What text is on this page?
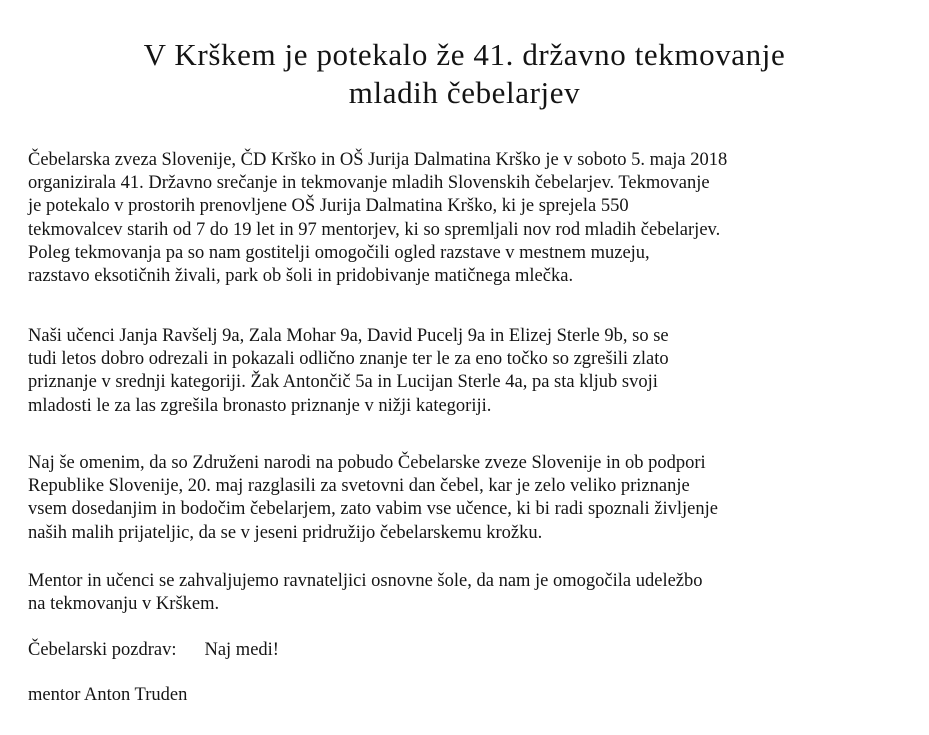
V Krškem je potekalo že 41. državno tekmovanje
mladih čebelarjev

Čebelarska zveza Slovenije, ČD Krško in OŠ Jurija Dalmatina Krško je v soboto 5. maja 2018
organizirala 41. Državno srečanje in tekmovanje mladih Slovenskih čebelarjev. Tekmovanje
je potekalo v prostorih prenovljene OŠ Jurija Dalmatina Krško, ki je sprejela 550
tekmovalcev starih od 7 do 19 let in 97 mentorjev, ki so spremljali nov rod mladih čebelarjev.
Poleg tekmovanja pa so nam gostitelji omogočili ogled razstave v mestnem muzeju,
razstavo eksotičnih živali, park ob šoli in pridobivanje matičnega mlečka.

Naši učenci Janja Ravšelj 9a, Zala Mohar 9a, David Pucelj 9a in Elizej Sterle 9b, so se
tudi letos dobro odrezali in pokazali odlično znanje ter le za eno točko so zgrešili zlato
priznanje v srednji kategoriji. Žak Antončič 5a in Lucijan Sterle 4a, pa sta kljub svoji
mladosti le za las zgrešila bronasto priznanje v nižji kategoriji.

Naj še omenim, da so Združeni narodi na pobudo Čebelarske zveze Slovenije in ob podpori
Republike Slovenije, 20. maj razglasili za svetovni dan čebel, kar je zelo veliko priznanje
vsem dosedanjim in bodočim čebelarjem, zato vabim vse učence, ki bi radi spoznali življenje
naših malih prijateljic, da se v jeseni pridružijo čebelarskemu krožku.

Mentor in učenci se zahvaljujemo ravnateljici osnovne šole, da nam je omogočila udeležbo
na tekmovanju v Krškem.

Čebelarski pozdrav: Naj medi!

mentor Anton Truden
